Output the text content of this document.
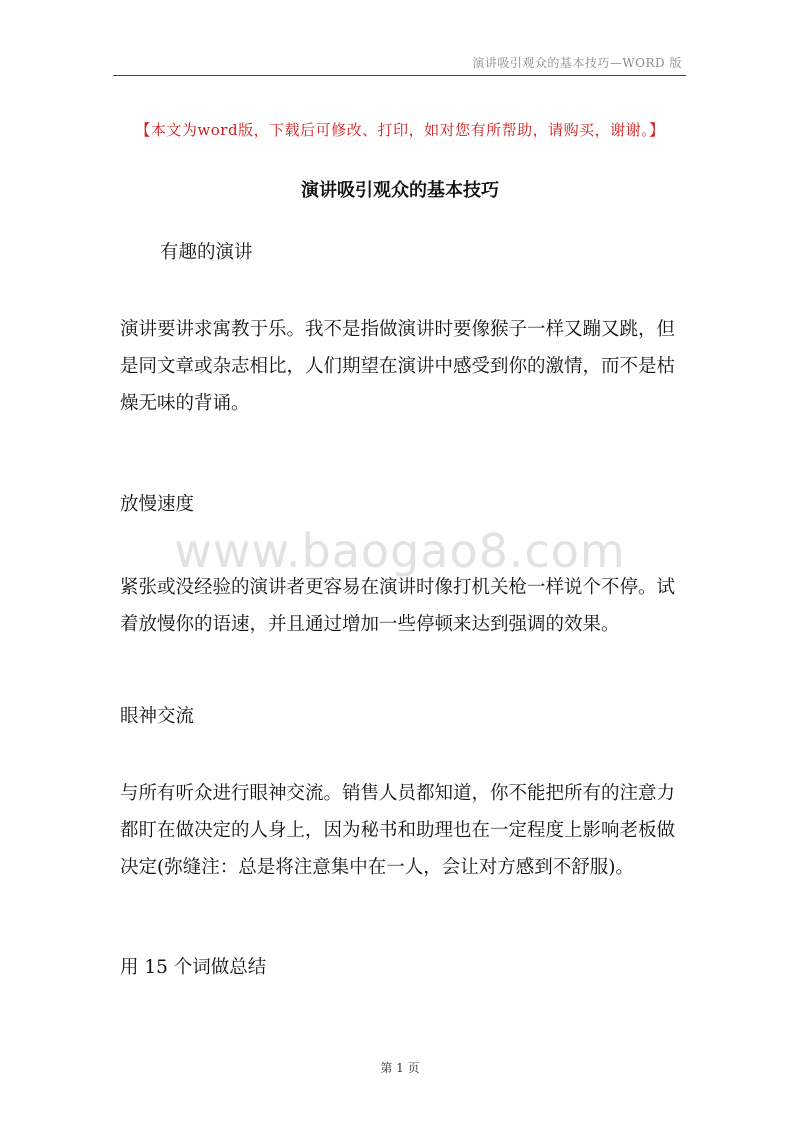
演讲吸引观众的基本技巧—WORD 版
【本文为word版，下载后可修改、打印，如对您有所帮助，请购买，谢谢。】
演讲吸引观众的基本技巧
有趣的演讲
演讲要讲求寓教于乐。我不是指做演讲时要像猴子一样又蹦又跳，但是同文章或杂志相比，人们期望在演讲中感受到你的激情，而不是枯燥无味的背诵。
放慢速度
www.baogao8.com
紧张或没经验的演讲者更容易在演讲时像打机关枪一样说个不停。试着放慢你的语速，并且通过增加一些停顿来达到强调的效果。
眼神交流
与所有听众进行眼神交流。销售人员都知道，你不能把所有的注意力都盯在做决定的人身上，因为秘书和助理也在一定程度上影响老板做决定(弥缝注：总是将注意集中在一人，会让对方感到不舒服)。
用 15 个词做总结
第 1 页
